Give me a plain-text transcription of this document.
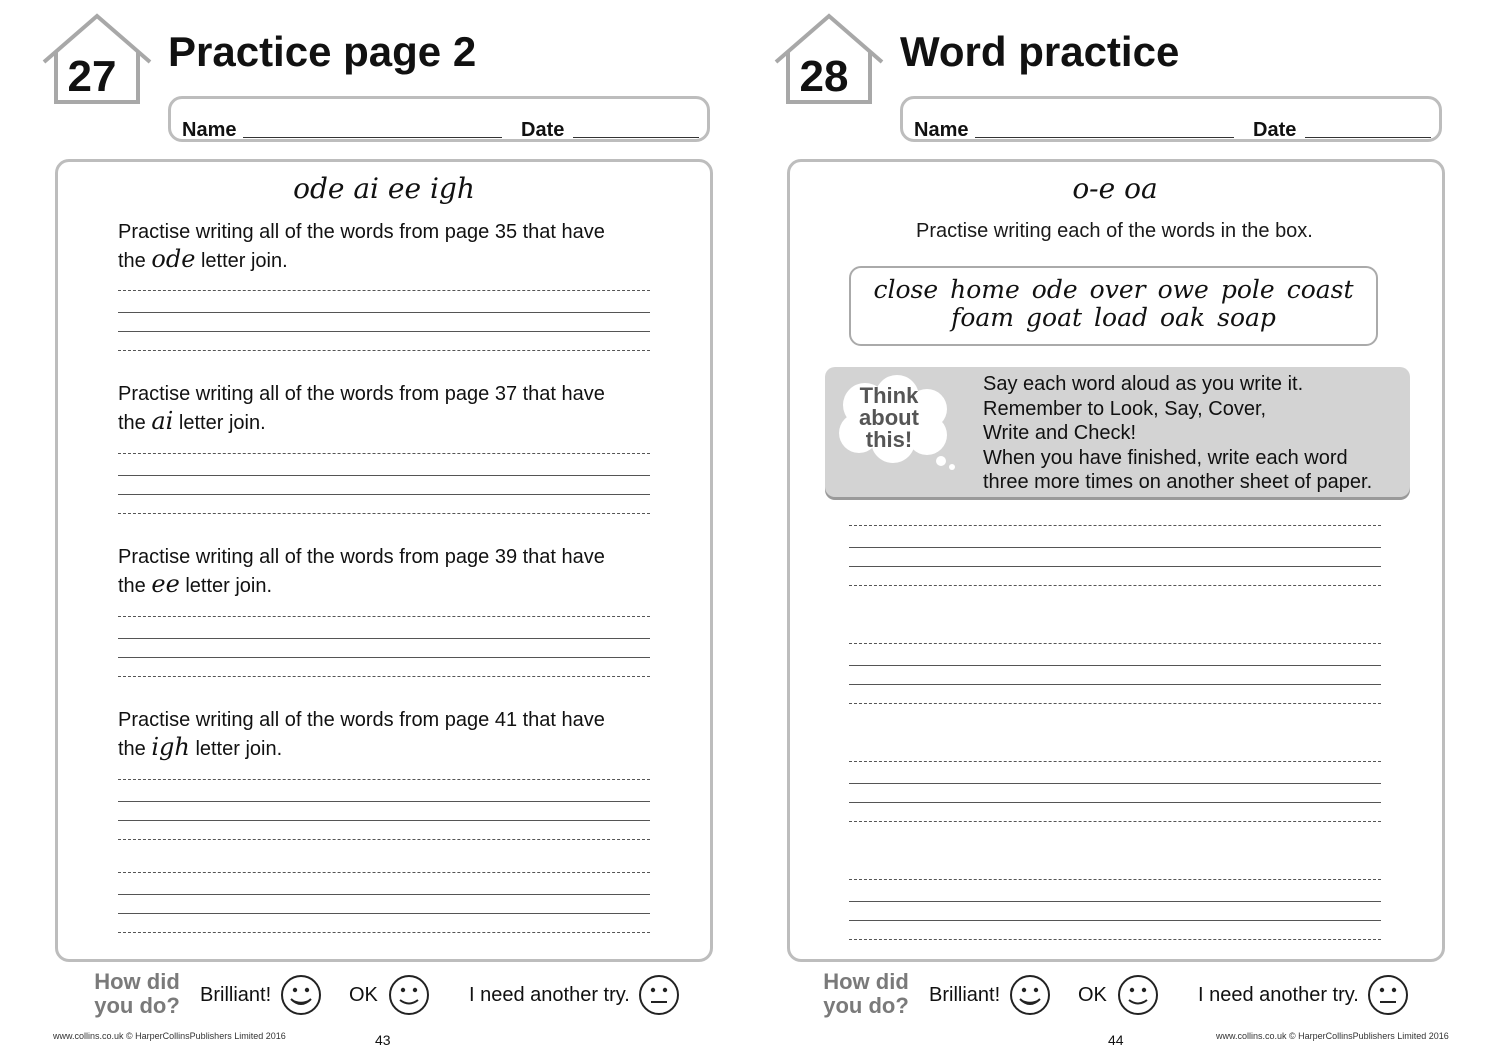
27
Practice page 2
Name	Date
ode ai ee igh
Practise writing all of the words from page 35 that have
the ode letter join.
Practise writing all of the words from page 37 that have
the ai letter join.
Practise writing all of the words from page 39 that have
the ee letter join.
Practise writing all of the words from page 41 that have
the igh letter join.
How did
you do?	Brilliant!	OK	I need another try.
www.collins.co.uk © HarperCollinsPublishers Limited 2016	43
28
Word practice
Name	Date
o-e oa
Practise writing each of the words in the box.
close home ode over owe pole coast
foam goat load oak soap
Think
about
this!
Say each word aloud as you write it.
Remember to Look, Say, Cover,
Write and Check!
When you have finished, write each word
three more times on another sheet of paper.
How did
you do?	Brilliant!	OK	I need another try.
44	www.collins.co.uk © HarperCollinsPublishers Limited 2016
